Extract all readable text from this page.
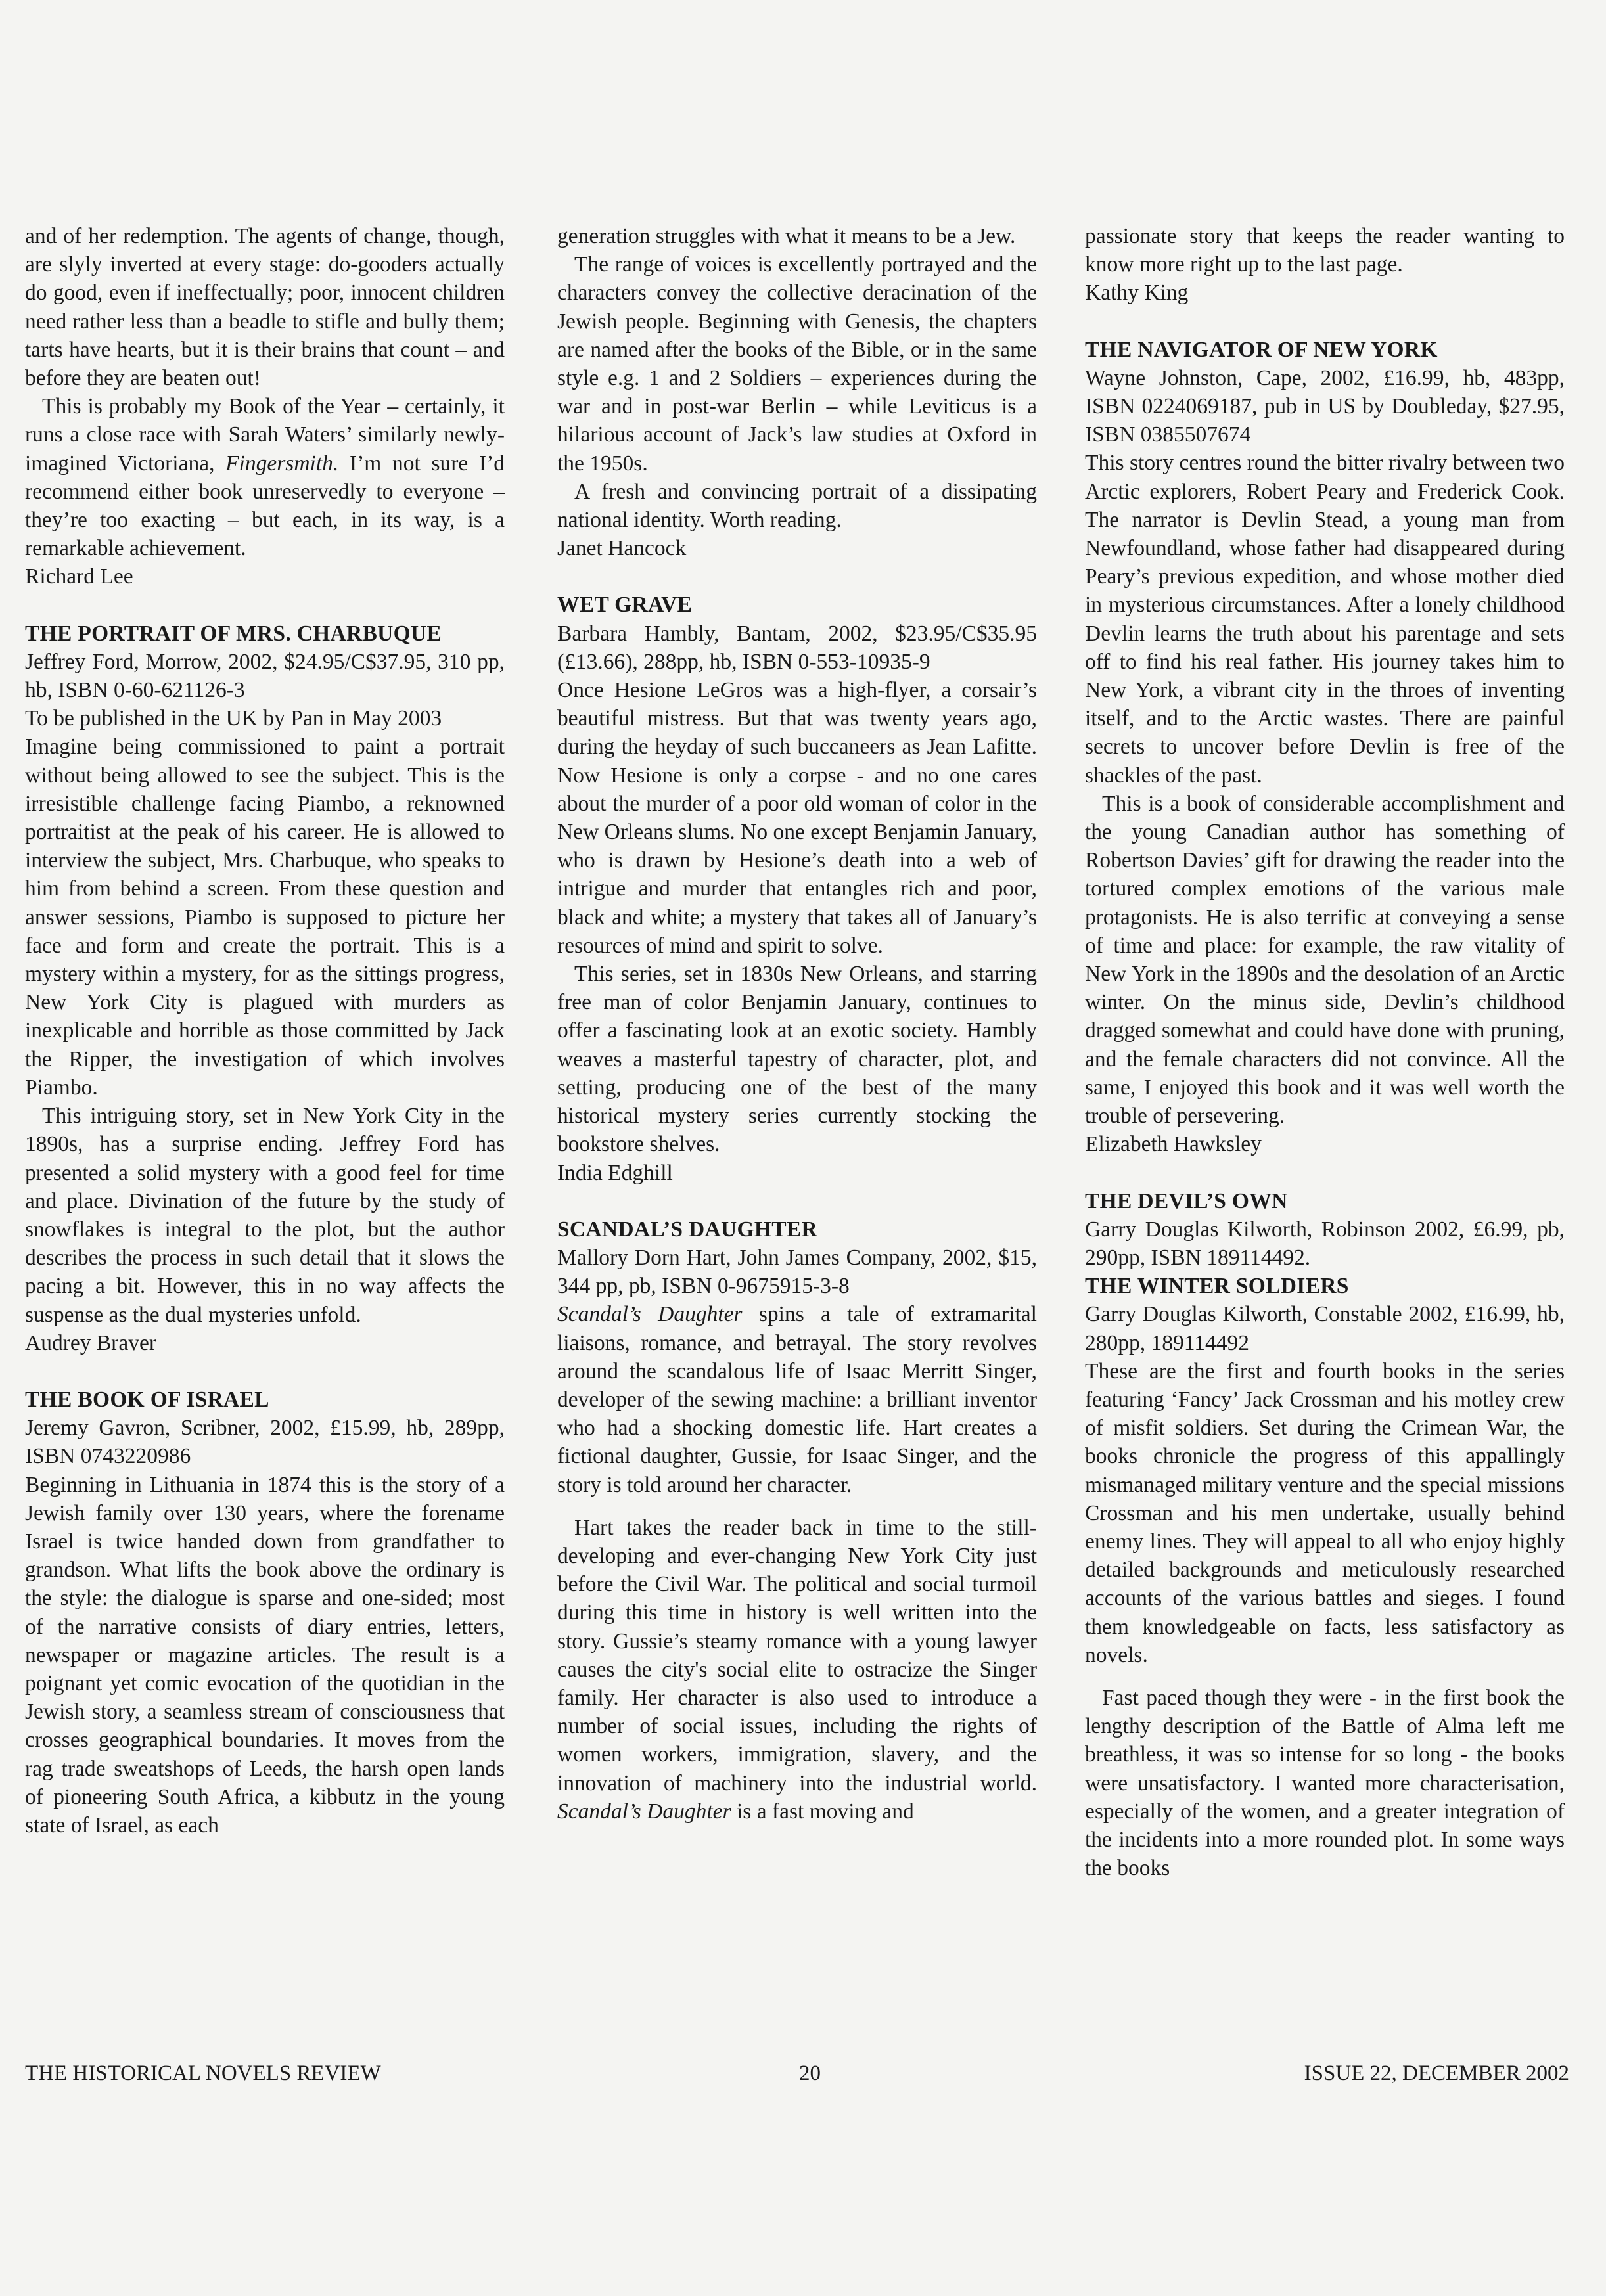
and of her redemption. The agents of change, though, are slyly inverted at every stage: do-gooders actually do good, even if ineffectually; poor, innocent children need rather less than a beadle to stifle and bully them; tarts have hearts, but it is their brains that count – and before they are beaten out!

This is probably my Book of the Year – certainly, it runs a close race with Sarah Waters’ similarly newly-imagined Victoriana, Fingersmith. I’m not sure I’d recommend either book unreservedly to everyone – they’re too exacting – but each, in its way, is a remarkable achievement.

Richard Lee

THE PORTRAIT OF MRS. CHARBUQUE

Jeffrey Ford, Morrow, 2002, $24.95/C$37.95, 310 pp, hb, ISBN 0-60-621126-3

To be published in the UK by Pan in May 2003

Imagine being commissioned to paint a portrait without being allowed to see the subject. This is the irresistible challenge facing Piambo, a reknowned portraitist at the peak of his career. He is allowed to interview the subject, Mrs. Charbuque, who speaks to him from behind a screen. From these question and answer sessions, Piambo is supposed to picture her face and form and create the portrait. This is a mystery within a mystery, for as the sittings progress, New York City is plagued with murders as inexplicable and horrible as those committed by Jack the Ripper, the investigation of which involves Piambo.

This intriguing story, set in New York City in the 1890s, has a surprise ending. Jeffrey Ford has presented a solid mystery with a good feel for time and place. Divination of the future by the study of snowflakes is integral to the plot, but the author describes the process in such detail that it slows the pacing a bit. However, this in no way affects the suspense as the dual mysteries unfold.

Audrey Braver

THE BOOK OF ISRAEL

Jeremy Gavron, Scribner, 2002, £15.99, hb, 289pp, ISBN 0743220986

Beginning in Lithuania in 1874 this is the story of a Jewish family over 130 years, where the forename Israel is twice handed down from grandfather to grandson. What lifts the book above the ordinary is the style: the dialogue is sparse and one-sided; most of the narrative consists of diary entries, letters, newspaper or magazine articles. The result is a poignant yet comic evocation of the quotidian in the Jewish story, a seamless stream of consciousness that crosses geographical boundaries. It moves from the rag trade sweatshops of Leeds, the harsh open lands of pioneering South Africa, a kibbutz in the young state of Israel, as each

generation struggles with what it means to be a Jew.

The range of voices is excellently portrayed and the characters convey the collective deracination of the Jewish people. Beginning with Genesis, the chapters are named after the books of the Bible, or in the same style e.g. 1 and 2 Soldiers – experiences during the war and in post-war Berlin – while Leviticus is a hilarious account of Jack’s law studies at Oxford in the 1950s.

A fresh and convincing portrait of a dissipating national identity. Worth reading.

Janet Hancock

WET GRAVE

Barbara Hambly, Bantam, 2002, $23.95/C$35.95 (£13.66), 288pp, hb, ISBN 0-553-10935-9

Once Hesione LeGros was a high-flyer, a corsair’s beautiful mistress. But that was twenty years ago, during the heyday of such buccaneers as Jean Lafitte. Now Hesione is only a corpse - and no one cares about the murder of a poor old woman of color in the New Orleans slums. No one except Benjamin January, who is drawn by Hesione’s death into a web of intrigue and murder that entangles rich and poor, black and white; a mystery that takes all of January’s resources of mind and spirit to solve.

This series, set in 1830s New Orleans, and starring free man of color Benjamin January, continues to offer a fascinating look at an exotic society. Hambly weaves a masterful tapestry of character, plot, and setting, producing one of the best of the many historical mystery series currently stocking the bookstore shelves.

India Edghill

SCANDAL’S DAUGHTER

Mallory Dorn Hart, John James Company, 2002, $15, 344 pp, pb, ISBN 0-9675915-3-8

Scandal’s Daughter spins a tale of extramarital liaisons, romance, and betrayal. The story revolves around the scandalous life of Isaac Merritt Singer, developer of the sewing machine: a brilliant inventor who had a shocking domestic life. Hart creates a fictional daughter, Gussie, for Isaac Singer, and the story is told around her character.

Hart takes the reader back in time to the still-developing and ever-changing New York City just before the Civil War. The political and social turmoil during this time in history is well written into the story. Gussie’s steamy romance with a young lawyer causes the city's social elite to ostracize the Singer family. Her character is also used to introduce a number of social issues, including the rights of women workers, immigration, slavery, and the innovation of machinery into the industrial world. Scandal’s Daughter is a fast moving and

passionate story that keeps the reader wanting to know more right up to the last page.

Kathy King

THE NAVIGATOR OF NEW YORK

Wayne Johnston, Cape, 2002, £16.99, hb, 483pp, ISBN 0224069187, pub in US by Doubleday, $27.95, ISBN 0385507674

This story centres round the bitter rivalry between two Arctic explorers, Robert Peary and Frederick Cook. The narrator is Devlin Stead, a young man from Newfoundland, whose father had disappeared during Peary’s previous expedition, and whose mother died in mysterious circumstances. After a lonely childhood Devlin learns the truth about his parentage and sets off to find his real father. His journey takes him to New York, a vibrant city in the throes of inventing itself, and to the Arctic wastes. There are painful secrets to uncover before Devlin is free of the shackles of the past.

This is a book of considerable accomplishment and the young Canadian author has something of Robertson Davies’ gift for drawing the reader into the tortured complex emotions of the various male protagonists. He is also terrific at conveying a sense of time and place: for example, the raw vitality of New York in the 1890s and the desolation of an Arctic winter. On the minus side, Devlin’s childhood dragged somewhat and could have done with pruning, and the female characters did not convince. All the same, I enjoyed this book and it was well worth the trouble of persevering.

Elizabeth Hawksley

THE DEVIL’S OWN

Garry Douglas Kilworth, Robinson 2002, £6.99, pb, 290pp, ISBN 189114492.

THE WINTER SOLDIERS

Garry Douglas Kilworth, Constable 2002, £16.99, hb, 280pp, 189114492

These are the first and fourth books in the series featuring ‘Fancy’ Jack Crossman and his motley crew of misfit soldiers. Set during the Crimean War, the books chronicle the progress of this appallingly mismanaged military venture and the special missions Crossman and his men undertake, usually behind enemy lines. They will appeal to all who enjoy highly detailed backgrounds and meticulously researched accounts of the various battles and sieges. I found them knowledgeable on facts, less satisfactory as novels.

Fast paced though they were - in the first book the lengthy description of the Battle of Alma left me breathless, it was so intense for so long - the books were unsatisfactory. I wanted more characterisation, especially of the women, and a greater integration of the incidents into a more rounded plot. In some ways the books

THE HISTORICAL NOVELS REVIEW	20	ISSUE 22, DECEMBER 2002
